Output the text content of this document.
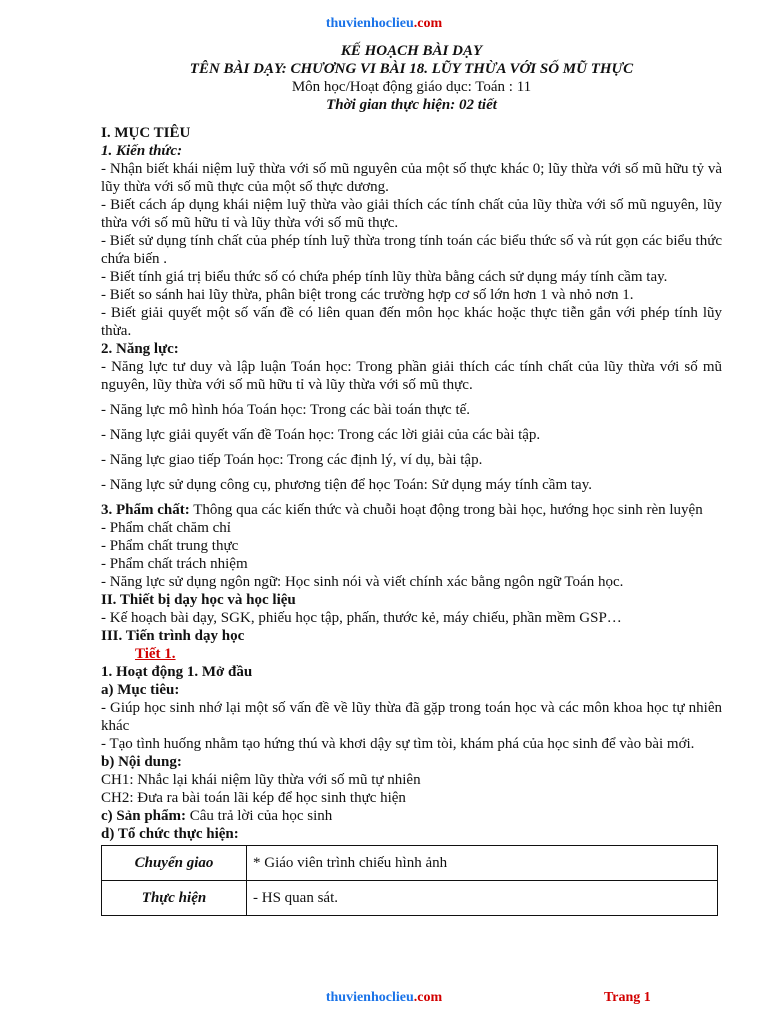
thuvienhoclieu.com
KẾ HOẠCH BÀI DẠY
TÊN BÀI DẠY: CHƯƠNG VI BÀI 18. LŨY THỪA VỚI SỐ MŨ THỰC
Môn học/Hoạt động giáo dục: Toán : 11
Thời gian thực hiện: 02 tiết
I. MỤC TIÊU
1. Kiến thức:
- Nhận biết khái niệm luỹ thừa với số mũ nguyên của một số thực khác 0; lũy thừa với số mũ hữu tỷ và lũy thừa với số mũ thực của một số thực dương.
- Biết cách áp dụng khái niệm luỹ thừa vào giải thích các tính chất của lũy thừa với số mũ nguyên, lũy thừa với số mũ hữu tỉ và lũy thừa với số mũ thực.
- Biết sử dụng tính chất của phép tính luỹ thừa trong tính toán các biểu thức số và rút gọn các biểu thức chứa biến .
- Biết tính giá trị biểu thức số có chứa phép tính lũy thừa bằng cách sử dụng máy tính cầm tay.
- Biết so sánh hai lũy thừa, phân biệt trong các trường hợp cơ số lớn hơn 1 và nhỏ nơn 1.
- Biết giải quyết một số vấn đề có liên quan đến môn học khác hoặc thực tiễn gắn với phép tính lũy thừa.
2. Năng lực:
- Năng lực tư duy và lập luận Toán học: Trong phần giải thích các tính chất của lũy thừa với số mũ nguyên, lũy thừa với số mũ hữu tỉ và lũy thừa với số mũ thực.
- Năng lực mô hình hóa Toán học: Trong các bài toán thực tế.
- Năng lực giải quyết vấn đề Toán học: Trong các lời giải của các bài tập.
- Năng lực giao tiếp Toán học: Trong các định lý, ví dụ, bài tập.
- Năng lực sử dụng công cụ, phương tiện để học Toán: Sử dụng máy tính cầm tay.
3. Phẩm chất: Thông qua các kiến thức và chuỗi hoạt động trong bài học, hướng học sinh rèn luyện
- Phẩm chất chăm chỉ
- Phẩm chất trung thực
- Phẩm chất trách nhiệm
- Năng lực sử dụng ngôn ngữ: Học sinh nói và viết chính xác bằng ngôn ngữ Toán học.
II. Thiết bị dạy học và học liệu
- Kế hoạch bài dạy, SGK, phiếu học tập, phấn, thước kẻ, máy chiếu, phần mềm GSP…
III. Tiến trình dạy học
Tiết 1.
1. Hoạt động 1. Mở đầu
a) Mục tiêu:
- Giúp học sinh nhớ lại một số vấn đề về lũy thừa đã gặp trong toán học và các môn khoa học tự nhiên khác
- Tạo tình huống nhằm tạo hứng thú và khơi dậy sự tìm tòi, khám phá của học sinh để vào bài mới.
b) Nội dung:
CH1: Nhắc lại khái niệm lũy thừa với số mũ tự nhiên
CH2: Đưa ra bài toán lãi kép để học sinh thực hiện
c) Sản phẩm: Câu trả lời của học sinh
d) Tổ chức thực hiện:
Chuyển giao	* Giáo viên trình chiếu hình ảnh
Thực hiện	- HS quan sát.
thuvienhoclieu.com	Trang 1
